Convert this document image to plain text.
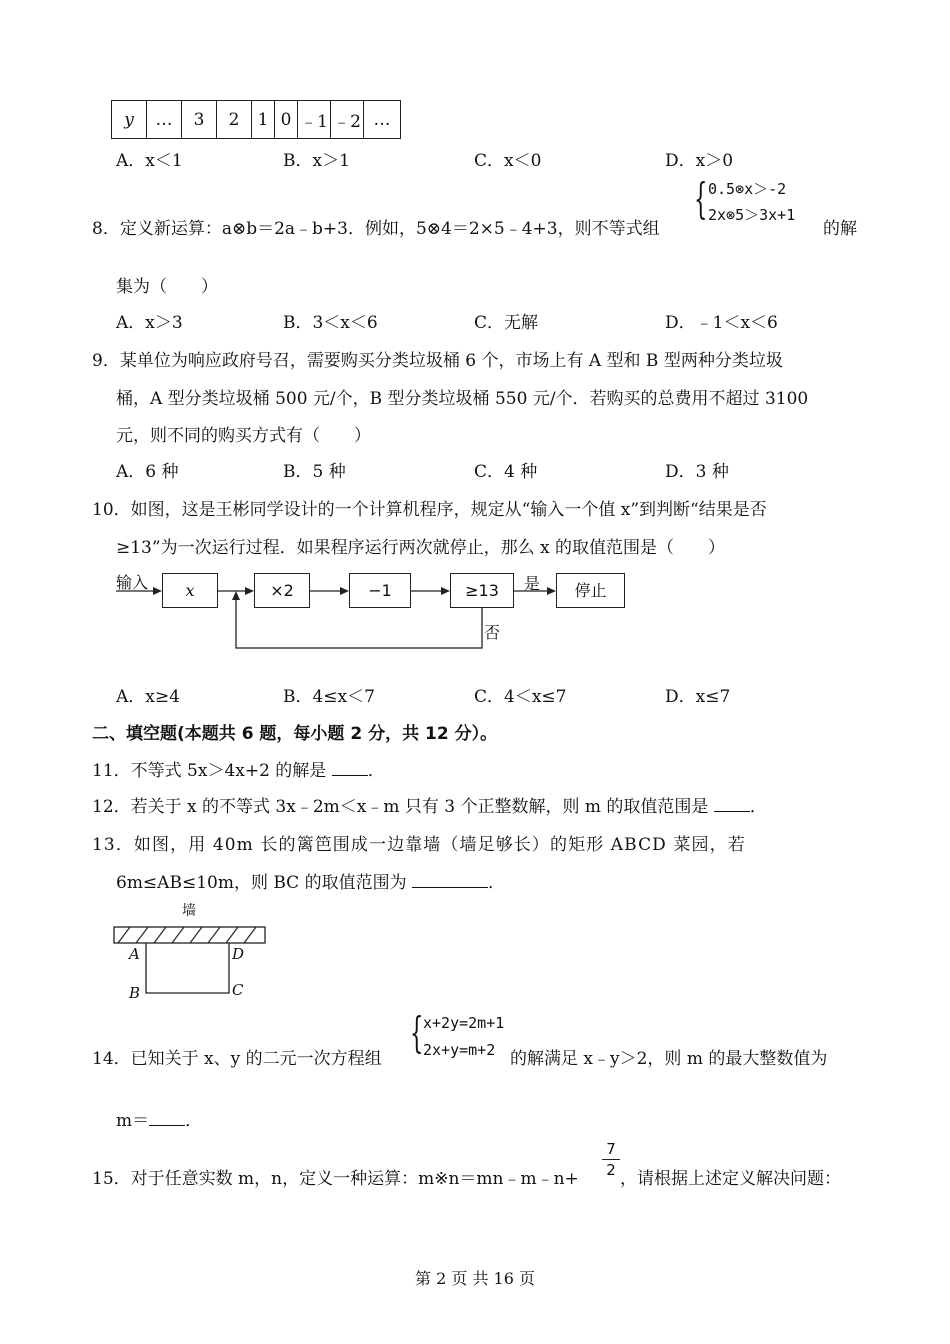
y	…	3	2	1	0	﹣1	﹣2	…
A．x＜1	B．x＞1	C．x＜0	D．x＞0
8．定义新运算：a⊗b＝2a﹣b+3．例如，5⊗4＝2×5﹣4+3，则不等式组
{ 0.5⊗x＞-2
2x⊗5＞3x+1
的解
集为（　　）
A．x＞3	B．3＜x＜6	C．无解	D．﹣1＜x＜6
9．某单位为响应政府号召，需要购买分类垃圾桶 6 个，市场上有 A 型和 B 型两种分类垃圾
桶，A 型分类垃圾桶 500 元/个，B 型分类垃圾桶 550 元/个．若购买的总费用不超过 3100
元，则不同的购买方式有（　　）
A．6 种	B．5 种	C．4 种	D．3 种
10．如图，这是王彬同学设计的一个计算机程序，规定从“输入一个值 x”到判断“结果是否
≥13”为一次运行过程．如果程序运行两次就停止，那么 x 的取值范围是（　　）
输入	x	×2	−1	≥13	是	停止
否
A．x≥4	B．4≤x＜7	C．4＜x≤7	D．x≤7
二、填空题(本题共 6 题，每小题 2 分，共 12 分）。
11．不等式 5x＞4x+2 的解是 ．
12．若关于 x 的不等式 3x﹣2m＜x﹣m 只有 3 个正整数解，则 m 的取值范围是 ．
13．如图，用 40m 长的篱笆围成一边靠墙（墙足够长）的矩形 ABCD 菜园，若
6m≤AB≤10m，则 BC 的取值范围为	．
墙
A	D
B	C
14．已知关于 x、y 的二元一次方程组
{ x+2y=2m+1
2x+y=m+2 的解满足 x﹣y＞2，则 m 的最大整数值为
m＝ ．
15．对于任意实数 m，n，定义一种运算：m※n＝mn﹣m﹣n+
7
2 ，请根据上述定义解决问题：
第 2 页 共 16 页
